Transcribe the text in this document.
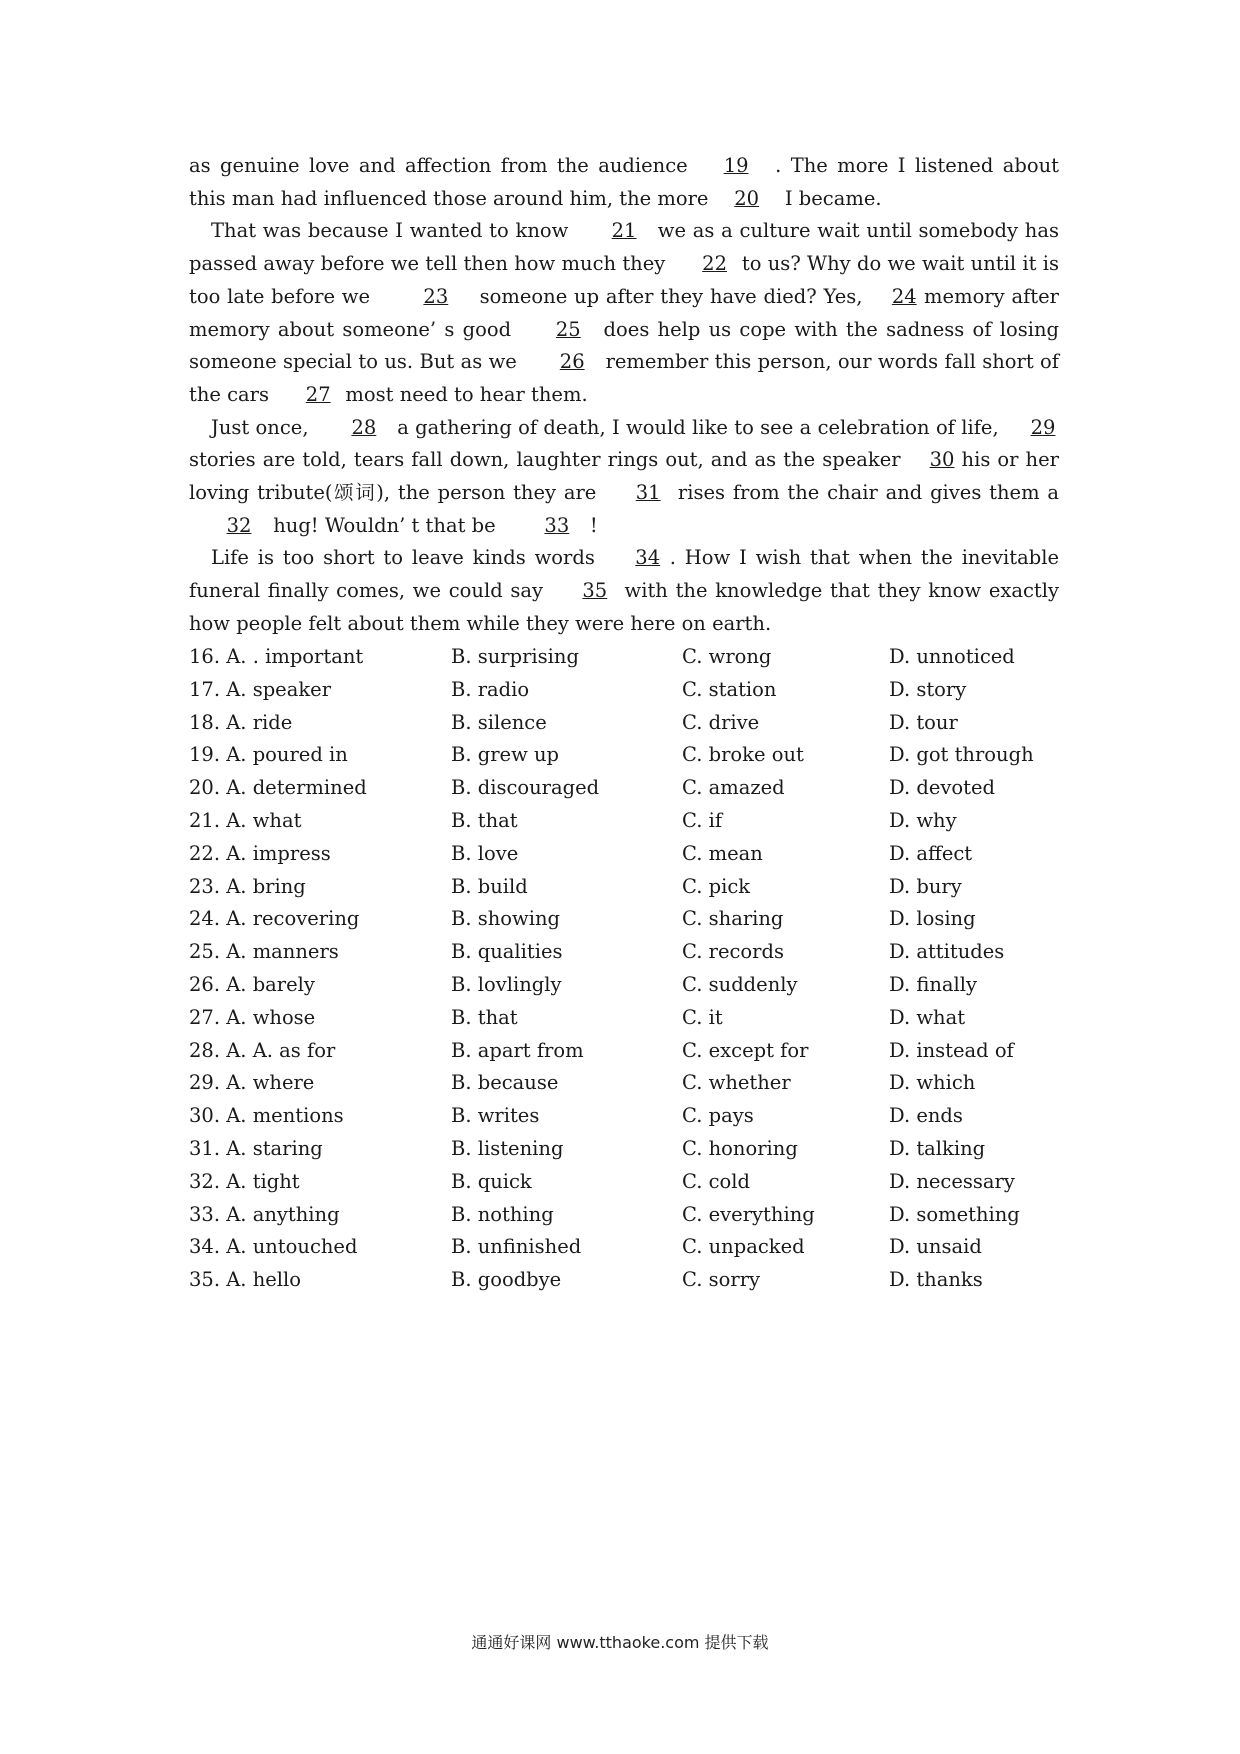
as genuine love and affection from the audience 19 . The more I listened about this man had influenced those around him, the more 20 I became.

That was because I wanted to know 21 we as a culture wait until somebody has passed away before we tell then how much they 22 to us? Why do we wait until it is too late before we 23 someone up after they have died? Yes, 24 memory after memory about someone’ s good 25 does help us cope with the sadness of losing someone special to us. But as we 26 remember this person, our words fall short of the cars 27 most need to hear them.

Just once, 28 a gathering of death, I would like to see a celebration of life, 29 stories are told, tears fall down, laughter rings out, and as the speaker 30 his or her loving tribute(颂词), the person they are 31 rises from the chair and gives them a 32 hug! Wouldn’ t that be 33 !

Life is too short to leave kinds words 34 . How I wish that when the inevitable funeral finally comes, we could say 35 with the knowledge that they know exactly how people felt about them while they were here on earth.

16. A. . important	B. surprising	C. wrong	D. unnoticed
17. A. speaker	B. radio	C. station	D. story
18. A. ride	B. silence	C. drive	D. tour
19. A. poured in	B. grew up	C. broke out	D. got through
20. A. determined	B. discouraged	C. amazed	D. devoted
21. A. what	B. that	C. if	D. why
22. A. impress	B. love	C. mean	D. affect
23. A. bring	B. build	C. pick	D. bury
24. A. recovering	B. showing	C. sharing	D. losing
25. A. manners	B. qualities	C. records	D. attitudes
26. A. barely	B. lovlingly	C. suddenly	D. finally
27. A. whose	B. that	C. it	D. what
28. A. A. as for	B. apart from	C. except for	D. instead of
29. A. where	B. because	C. whether	D. which
30. A. mentions	B. writes	C. pays	D. ends
31. A. staring	B. listening	C. honoring	D. talking
32. A. tight	B. quick	C. cold	D. necessary
33. A. anything	B. nothing	C. everything	D. something
34. A. untouched	B. unfinished	C. unpacked	D. unsaid
35. A. hello	B. goodbye	C. sorry	D. thanks
通通好课网 www.tthaoke.com 提供下载
